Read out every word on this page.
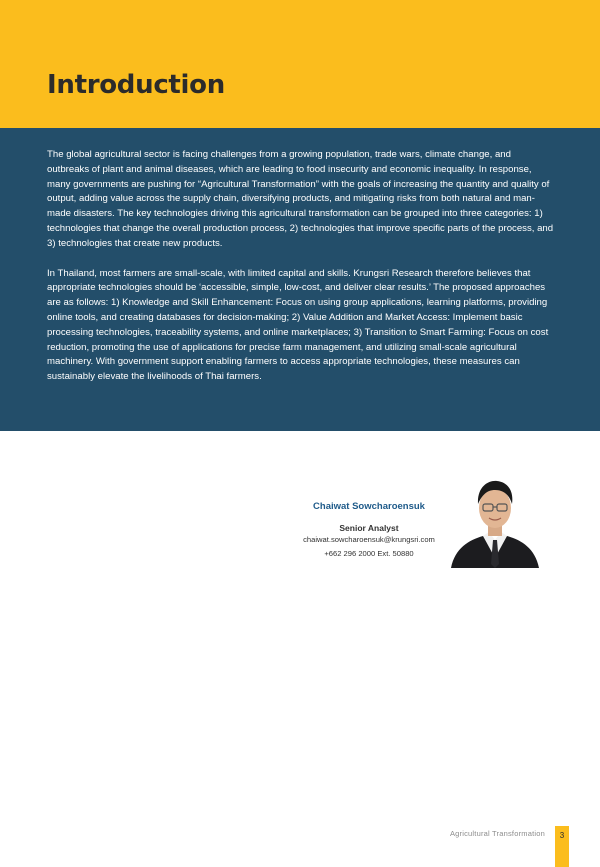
Introduction

The global agricultural sector is facing challenges from a growing population, trade wars, climate change, and outbreaks of plant and animal diseases, which are leading to food insecurity and economic inequality. In response, many governments are pushing for “Agricultural Transformation” with the goals of increasing the quantity and quality of output, adding value across the supply chain, diversifying products, and mitigating risks from both natural and man-made disasters. The key technologies driving this agricultural transformation can be grouped into three categories: 1) technologies that change the overall production process, 2) technologies that improve specific parts of the process, and 3) technologies that create new products.

In Thailand, most farmers are small-scale, with limited capital and skills. Krungsri Research therefore believes that appropriate technologies should be ‘accessible, simple, low-cost, and deliver clear results.’ The proposed approaches are as follows: 1) Knowledge and Skill Enhancement: Focus on using group applications, learning platforms, providing online tools, and creating databases for decision-making; 2) Value Addition and Market Access: Implement basic processing technologies, traceability systems, and online marketplaces; 3) Transition to Smart Farming: Focus on cost reduction, promoting the use of applications for precise farm management, and utilizing small-scale agricultural machinery. With government support enabling farmers to access appropriate technologies, these measures can sustainably elevate the livelihoods of Thai farmers.

Chaiwat Sowcharoensuk
Senior Analyst
chaiwat.sowcharoensuk@krungsri.com
+662 296 2000 Ext. 50880
Agricultural Transformation	3
